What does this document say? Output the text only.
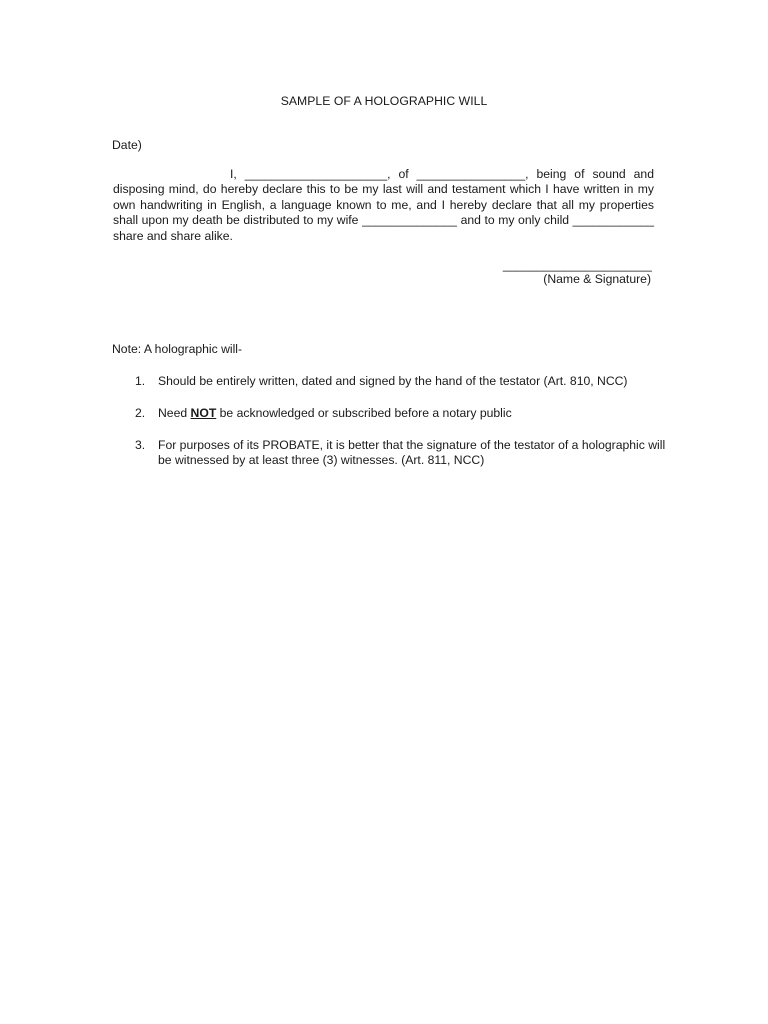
SAMPLE OF A HOLOGRAPHIC WILL
Date)
I, _____________________, of ________________, being of sound and disposing mind, do hereby declare this to be my last will and testament which I have written in my own handwriting in English, a language known to me, and I hereby declare that all my properties shall upon my death be distributed to my wife ______________ and to my only child ____________ share and share alike.
______________________
(Name & Signature)
Note: A holographic will-
1. Should be entirely written, dated and signed by the hand of the testator (Art. 810, NCC)
2. Need NOT be acknowledged or subscribed before a notary public
3. For purposes of its PROBATE, it is better that the signature of the testator of a holographic will be witnessed by at least three (3) witnesses. (Art. 811, NCC)
